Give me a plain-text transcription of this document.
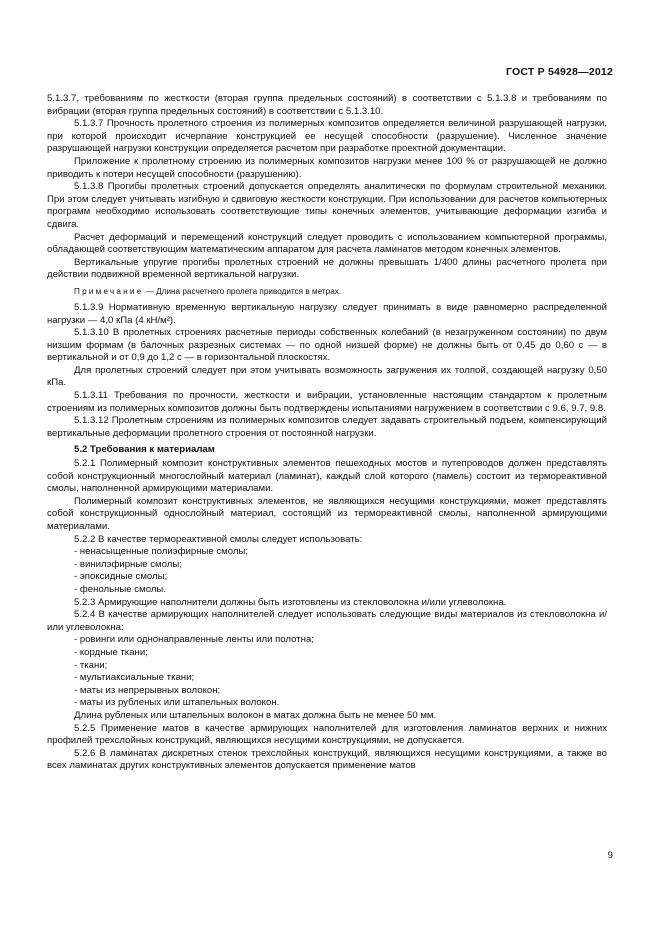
ГОСТ Р 54928—2012

5.1.3.7, требованиям по жесткости (вторая группа предельных состояний) в соответствии с 5.1.3.8 и требованиям по вибрации (вторая группа предельных состояний) в соответствии с 5.1.3.10.

5.1.3.7 Прочность пролетного строения из полимерных композитов определяется величиной разрушающей нагрузки, при которой происходит исчерпание конструкцией ее несущей способности (разрушение). Численное значение разрушающей нагрузки конструкции определяется расчетом при разработке проектной документации.

Приложение к пролетному строению из полимерных композитов нагрузки менее 100 % от разрушающей не должно приводить к потери несущей способности (разрушению).

5.1.3.8 Прогибы пролетных строений допускается определять аналитически по формулам строительной механики. При этом следует учитывать изгибную и сдвиговую жесткости конструкции. При использовании для расчетов компьютерных программ необходимо использовать соответствующие типы конечных элементов, учитывающие деформации изгиба и сдвига.

Расчет деформаций и перемещений конструкций следует проводить с использованием компьютерной программы, обладающей соответствующим математическим аппаратом для расчета ламинатов методом конечных элементов.

Вертикальные упругие прогибы пролетных строений не должны превышать 1/400 длины расчетного пролета при действии подвижной временной вертикальной нагрузки.

Примечание — Длина расчетного пролета приводится в метрах.

5.1.3.9 Нормативную временную вертикальную нагрузку следует принимать в виде равномерно распределенной нагрузки — 4,0 кПа (4 кН/м²).

5.1.3.10 В пролетных строениях расчетные периоды собственных колебаний (в незагруженном состоянии) по двум низшим формам (в балочных разрезных системах — по одной низшей форме) не должны быть от 0,45 до 0,60 с — в вертикальной и от 0,9 до 1,2 с — в горизонтальной плоскостях.

Для пролетных строений следует при этом учитывать возможность загружения их толпой, создающей нагрузку 0,50 кПа.

5.1.3.11 Требования по прочности, жесткости и вибрации, установленные настоящим стандартом к пролетным строениям из полимерных композитов должны быть подтверждены испытаниями нагружением в соответствии с 9.6, 9.7, 9.8.

5.1.3.12 Пролетным строениям из полимерных композитов следует задавать строительный подъем, компенсирующий вертикальные деформации пролетного строения от постоянной нагрузки.

5.2 Требования к материалам

5.2.1 Полимерный композит конструктивных элементов пешеходных мостов и путепроводов должен представлять собой конструкционный многослойный материал (ламинат), каждый слой которого (ламель) состоит из термореактивной смолы, наполненной армирующими материалами.

Полимерный композит конструктивных элементов, не являющихся несущими конструкциями, может представлять собой конструкционный однослойный материал, состоящий из термореактивной смолы, наполненной армирующими материалами.

5.2.2 В качестве термореактивной смолы следует использовать:

- ненасыщенные полиэфирные смолы;
- винилэфирные смолы;
- эпоксидные смолы;
- фенольные смолы.

5.2.3 Армирующие наполнители должны быть изготовлены из стекловолокна и/или углеволокна.

5.2.4 В качестве армирующих наполнителей следует использовать следующие виды материалов из стекловолокна и/или углеволокна:

- ровинги или однонаправленные ленты или полотна;
- кордные ткани;
- ткани;
- мультиаксиальные ткани;
- маты из непрерывных волокон;
- маты из рубленых или штапельных волокон.

Длина рубленых или штапельных волокон в матах должна быть не менее 50 мм.

5.2.5 Применение матов в качестве армирующих наполнителей для изготовления ламинатов верхних и нижних профилей трехслойных конструкций, являющихся несущими конструкциями, не допускается.

5.2.6 В ламинатах дискретных стенок трехслойных конструкций, являющихся несущими конструкциями, а также во всех ламинатах других конструктивных элементов допускается применение матов

9
